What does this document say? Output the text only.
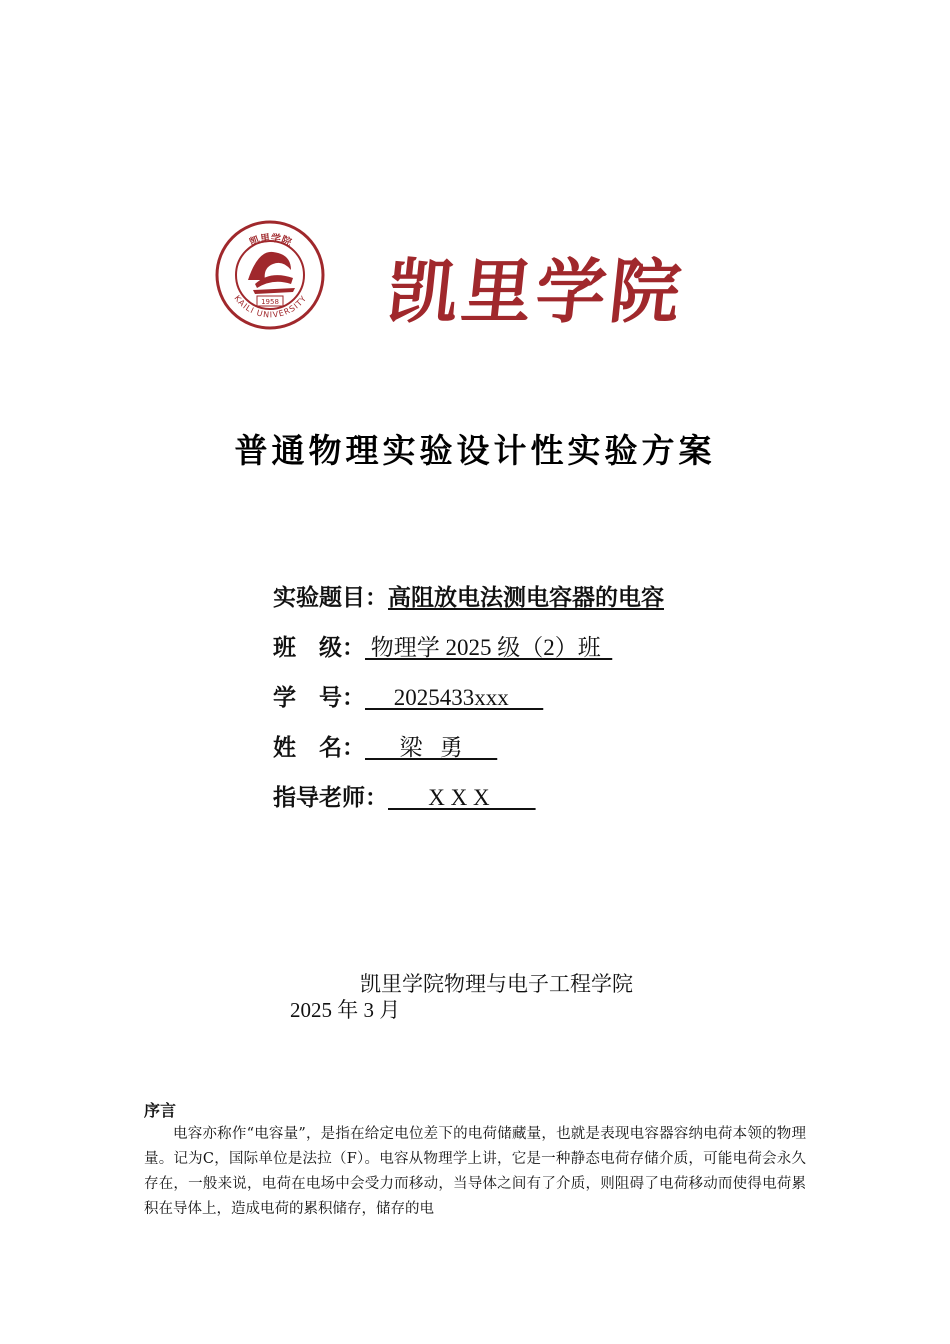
凯里学院
KAILI UNIVERSITY
1958 凯里学院
普通物理实验设计性实验方案
实验题目： 高阻放电法测电容器的电容
班　级： 物理学 2025 级（2）班
学　号： 2025433xxx
姓　名： 梁   勇
指导老师： X X X
凯里学院物理与电子工程学院
2025 年 3 月
序言
电容亦称作“电容量”，是指在给定电位差下的电荷储藏量，也就是表现电容器容纳电荷本领的物理量。记为C，国际单位是法拉（F）。电容从物理学上讲，它是一种静态电荷存储介质，可能电荷会永久存在，一般来说，电荷在电场中会受力而移动，当导体之间有了介质，则阻碍了电荷移动而使得电荷累积在导体上，造成电荷的累积储存，储存的电
